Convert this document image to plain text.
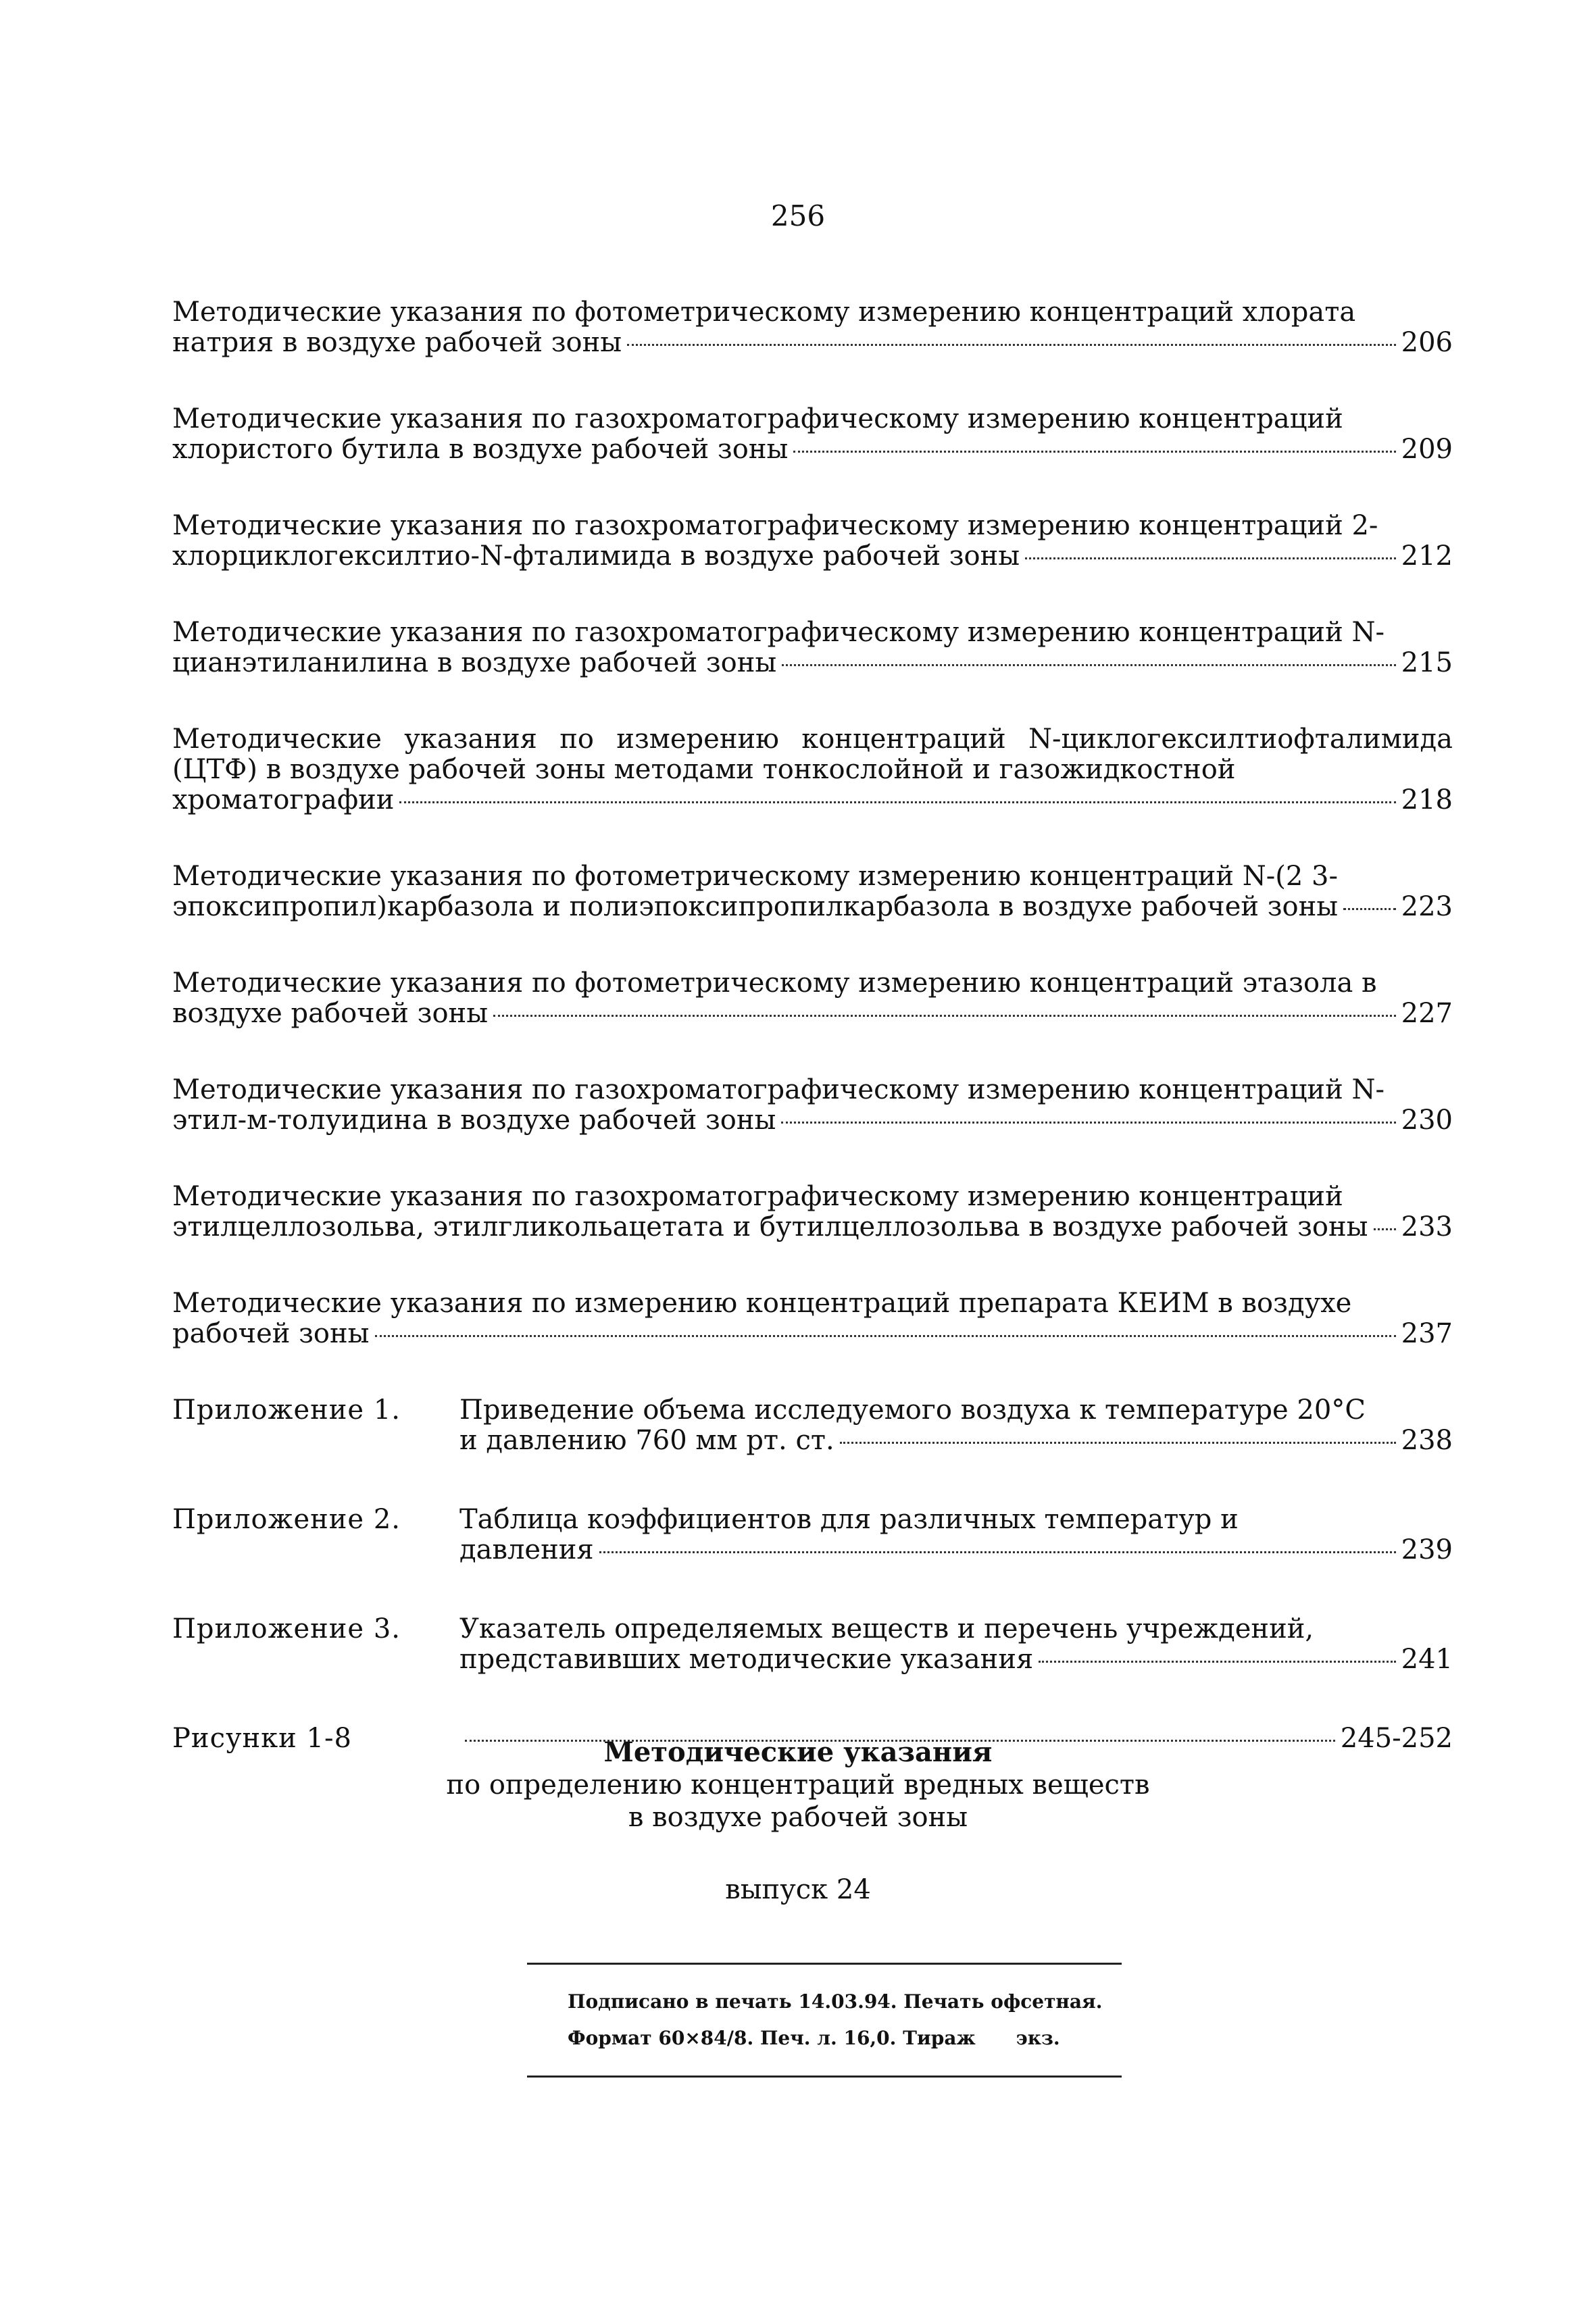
256
Методические указания по фотометрическому измерению концентраций хлората
натрия в воздухе рабочей зоны	206
Методические указания по газохроматографическому измерению концентраций
хлористого бутила в воздухе рабочей зоны	209
Методические указания по газохроматографическому измерению концентраций 2-
хлорциклогексилтио-N-фталимида в воздухе рабочей зоны	212
Методические указания по газохроматографическому измерению концентраций N-
цианэтиланилина в воздухе рабочей зоны	215
Методические указания по измерению концентраций N-циклогексилтиофталимида (ЦТФ) в воздухе рабочей зоны методами тонкослойной и газожидкостной
хроматографии	218
Методические указания по фотометрическому измерению концентраций N-(2 3-
эпоксипропил)карбазола и полиэпоксипропилкарбазола в воздухе рабочей зоны 223
Методические указания по фотометрическому измерению концентраций этазола в
воздухе рабочей зоны	227
Методические указания по газохроматографическому измерению концентраций N-
этил-м-толуидина в воздухе рабочей зоны	230
Методические указания по газохроматографическому измерению концентраций
этилцеллозольва, этилгликольацетата и бутилцеллозольва в воздухе рабочей зоны 233
Методические указания по измерению концентраций препарата КЕИМ в воздухе
рабочей зоны	237
Приложение 1.	Приведение объема исследуемого воздуха к температуре 20°С
и давлению 760 мм рт. ст.	238
Приложение 2.	Таблица коэффициентов для различных температур и
давления	239
Приложение 3.	Указатель определяемых веществ и перечень учреждений,
представивших методические указания	241
Рисунки 1-8	245-252
Методические указания
по определению концентраций вредных веществ
в воздухе рабочей зоны
выпуск 24
Подписано в печать 14.03.94. Печать офсетная.
Формат 60×84/8. Печ. л. 16,0. Тираж экз.
